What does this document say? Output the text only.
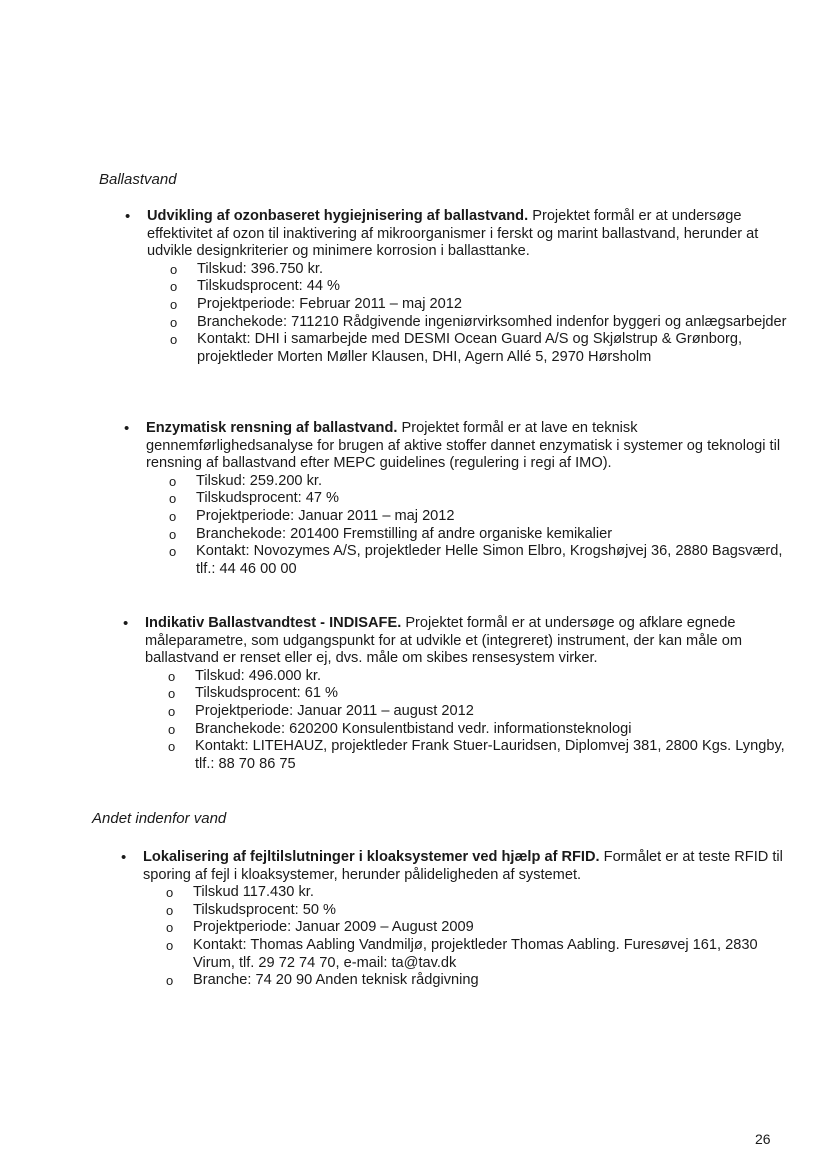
Ballastvand
• Udvikling af ozonbaseret hygiejnisering af ballastvand. Projektet formål er at undersøge effektivitet af ozon til inaktivering af mikroorganismer i ferskt og marint ballastvand, herunder at udvikle designkriterier og minimere korrosion i ballasttanke.

o Tilskud: 396.750 kr.
o Tilskudsprocent: 44 %
o Projektperiode: Februar 2011 – maj 2012
o Branchekode: 711210 Rådgivende ingeniørvirksomhed indenfor byggeri og anlægsarbejder
o Kontakt: DHI i samarbejde med DESMI Ocean Guard A/S og Skjølstrup & Grønborg, projektleder Morten Møller Klausen, DHI, Agern Allé 5, 2970 Hørsholm
• Enzymatisk rensning af ballastvand. Projektet formål er at lave en teknisk gennemførlighedsanalyse for brugen af aktive stoffer dannet enzymatisk i systemer og teknologi til rensning af ballastvand efter MEPC guidelines (regulering i regi af IMO).

o Tilskud: 259.200 kr.
o Tilskudsprocent: 47 %
o Projektperiode: Januar 2011 – maj 2012
o Branchekode: 201400 Fremstilling af andre organiske kemikalier
o Kontakt: Novozymes A/S, projektleder Helle Simon Elbro, Krogshøjvej 36, 2880 Bagsværd, tlf.: 44 46 00 00
• Indikativ Ballastvandtest - INDISAFE. Projektet formål er at undersøge og afklare egnede måleparametre, som udgangspunkt for at udvikle et (integreret) instrument, der kan måle om ballastvand er renset eller ej, dvs. måle om skibes rensesystem virker.

o Tilskud: 496.000 kr.
o Tilskudsprocent: 61 %
o Projektperiode: Januar 2011 – august 2012
o Branchekode: 620200 Konsulentbistand vedr. informationsteknologi
o Kontakt: LITEHAUZ, projektleder Frank Stuer-Lauridsen, Diplomvej 381, 2800 Kgs. Lyngby, tlf.: 88 70 86 75
Andet indenfor vand
• Lokalisering af fejltilslutninger i kloaksystemer ved hjælp af RFID. Formålet er at teste RFID til sporing af fejl i kloaksystemer, herunder pålideligheden af systemet.

o Tilskud 117.430 kr.
o Tilskudsprocent: 50 %
o Projektperiode: Januar 2009 – August 2009
o Kontakt: Thomas Aabling Vandmiljø, projektleder Thomas Aabling. Furesøvej 161, 2830 Virum, tlf. 29 72 74 70, e-mail: ta@tav.dk
o Branche: 74 20 90 Anden teknisk rådgivning
26
